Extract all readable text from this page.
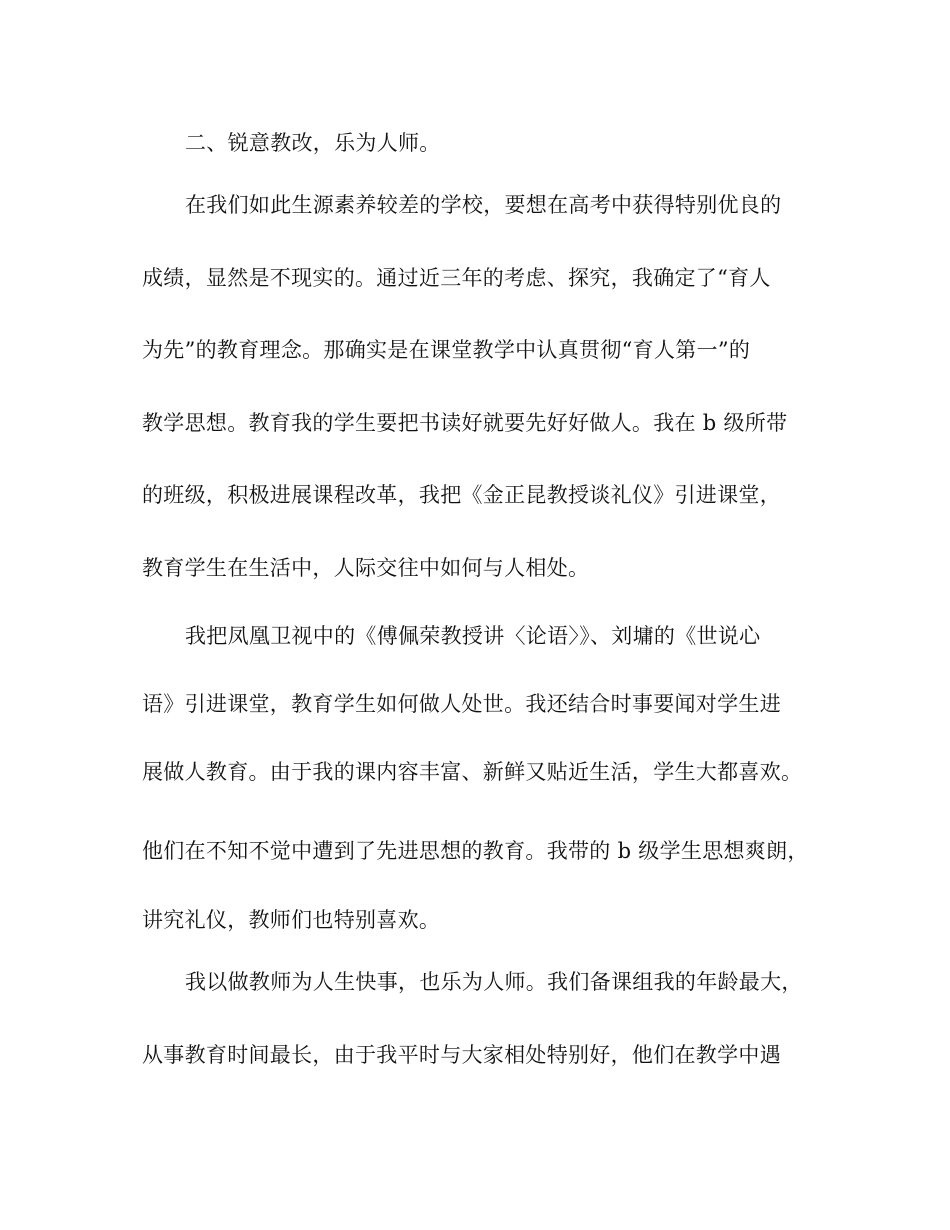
二、锐意教改，乐为人师。
在我们如此生源素养较差的学校，要想在高考中获得特别优良的
成绩，显然是不现实的。通过近三年的考虑、探究，我确定了“育人
为先”的教育理念。那确实是在课堂教学中认真贯彻“育人第一”的
教学思想。教育我的学生要把书读好就要先好好做人。我在 b 级所带
的班级，积极进展课程改革，我把《金正昆教授谈礼仪》引进课堂，
教育学生在生活中，人际交往中如何与人相处。
我把凤凰卫视中的《傅佩荣教授讲〈论语〉》、刘墉的《世说心
语》引进课堂，教育学生如何做人处世。我还结合时事要闻对学生进
展做人教育。由于我的课内容丰富、新鲜又贴近生活，学生大都喜欢。
他们在不知不觉中遭到了先进思想的教育。我带的 b 级学生思想爽朗，
讲究礼仪，教师们也特别喜欢。
我以做教师为人生快事，也乐为人师。我们备课组我的年龄最大，
从事教育时间最长，由于我平时与大家相处特别好，他们在教学中遇
